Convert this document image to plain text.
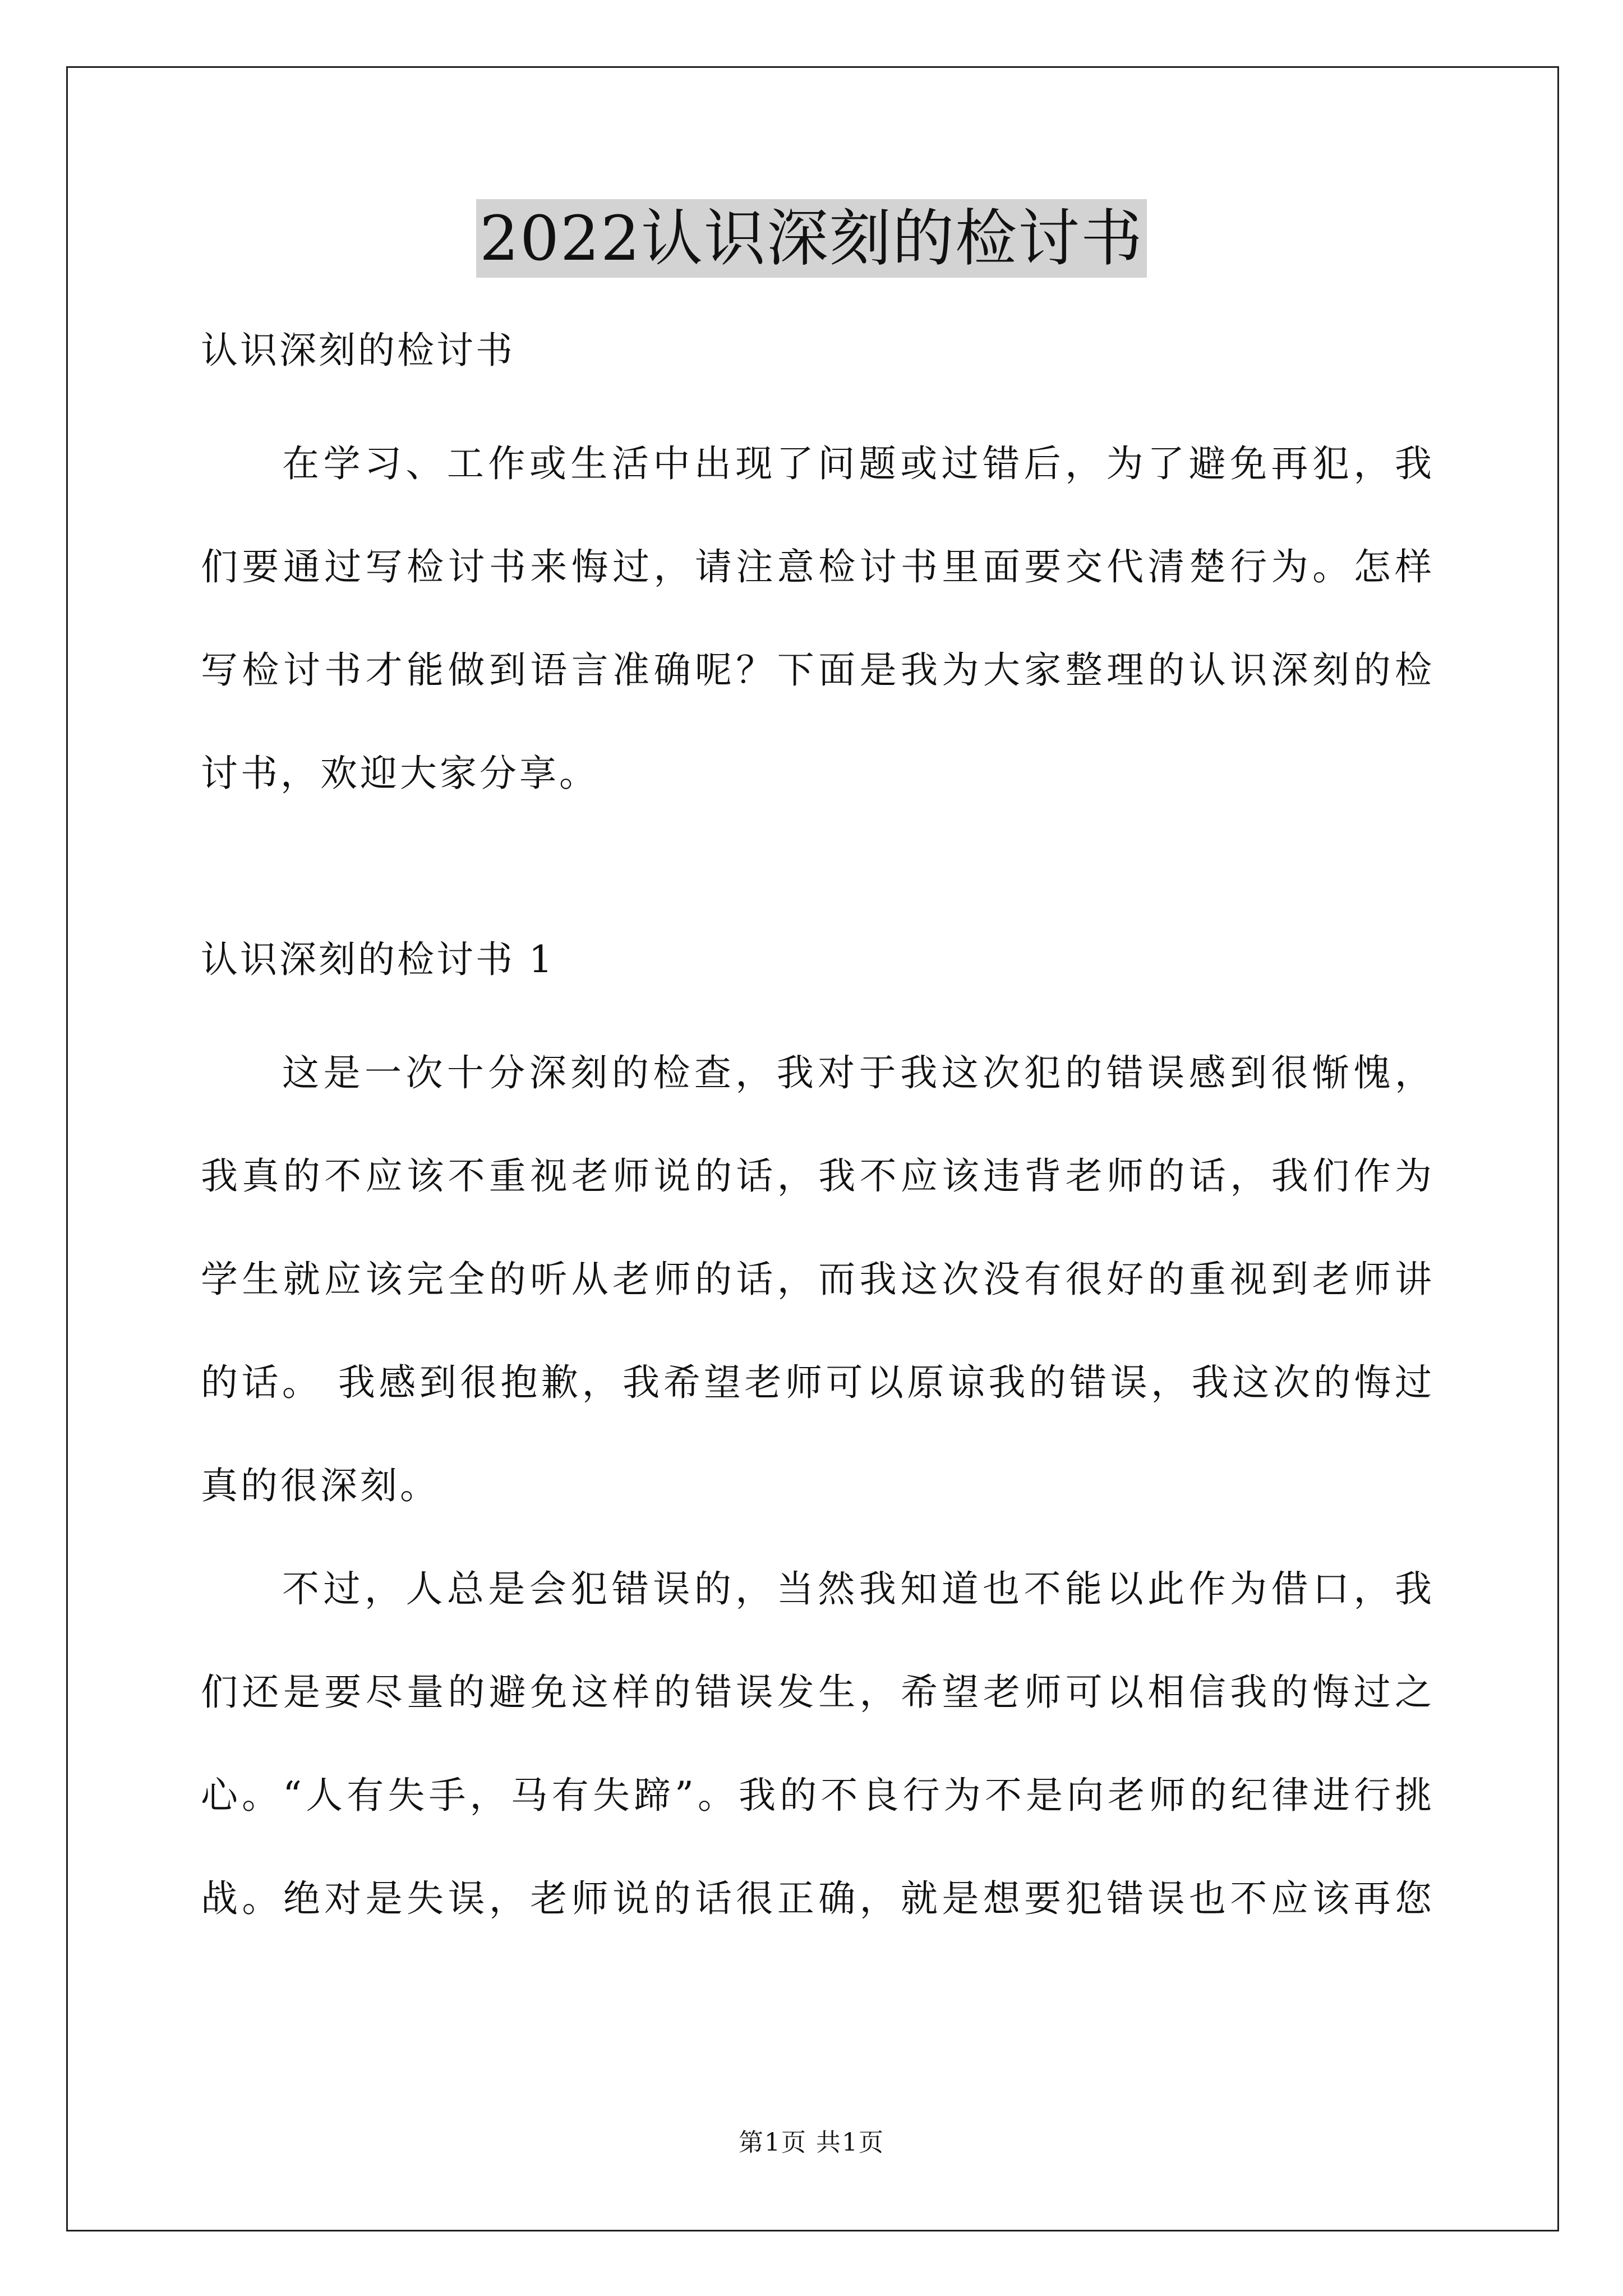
2022认识深刻的检讨书
认识深刻的检讨书
在学习、工作或生活中出现了问题或过错后，为了避免再犯，我
们要通过写检讨书来悔过，请注意检讨书里面要交代清楚行为。怎样
写检讨书才能做到语言准确呢？下面是我为大家整理的认识深刻的检
讨书，欢迎大家分享。
认识深刻的检讨书 1
这是一次十分深刻的检查，我对于我这次犯的错误感到很惭愧，
我真的不应该不重视老师说的话，我不应该违背老师的话，我们作为
学生就应该完全的听从老师的话，而我这次没有很好的重视到老师讲
的话。 我感到很抱歉，我希望老师可以原谅我的错误，我这次的悔过
真的很深刻。
不过，人总是会犯错误的，当然我知道也不能以此作为借口，我
们还是要尽量的避免这样的错误发生，希望老师可以相信我的悔过之
心。“人有失手，马有失蹄”。我的不良行为不是向老师的纪律进行挑
战。绝对是失误，老师说的话很正确，就是想要犯错误也不应该再您
第1页 共1页
